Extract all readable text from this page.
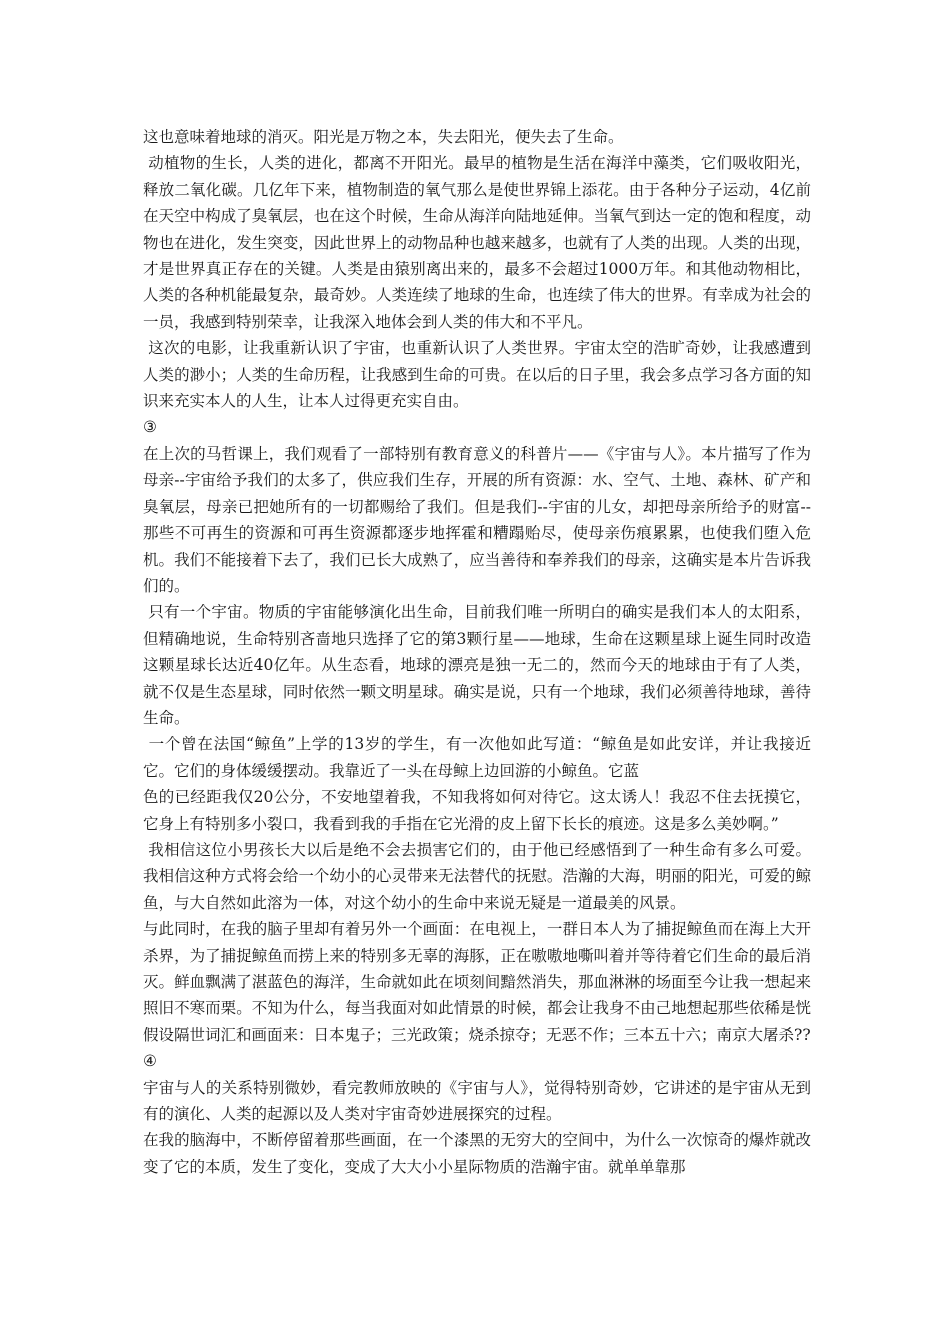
这也意味着地球的消灭。阳光是万物之本，失去阳光，便失去了生命。

动植物的生长，人类的进化，都离不开阳光。最早的植物是生活在海洋中藻类，它们吸收阳光，释放二氧化碳。几亿年下来，植物制造的氧气那么是使世界锦上添花。由于各种分子运动，4亿前在天空中构成了臭氧层，也在这个时候，生命从海洋向陆地延伸。当氧气到达一定的饱和程度，动物也在进化，发生突变，因此世界上的动物品种也越来越多，也就有了人类的出现。人类的出现，才是世界真正存在的关键。人类是由猿别离出来的，最多不会超过1000万年。和其他动物相比，人类的各种机能最复杂，最奇妙。人类连续了地球的生命，也连续了伟大的世界。有幸成为社会的一员，我感到特别荣幸，让我深入地体会到人类的伟大和不平凡。

这次的电影，让我重新认识了宇宙，也重新认识了人类世界。宇宙太空的浩旷奇妙，让我感遭到人类的渺小；人类的生命历程，让我感到生命的可贵。在以后的日子里，我会多点学习各方面的知识来充实本人的人生，让本人过得更充实自由。

③

在上次的马哲课上，我们观看了一部特别有教育意义的科普片——《宇宙与人》。本片描写了作为母亲--宇宙给予我们的太多了，供应我们生存，开展的所有资源：水、空气、土地、森林、矿产和臭氧层，母亲已把她所有的一切都赐给了我们。但是我们--宇宙的儿女，却把母亲所给予的财富--那些不可再生的资源和可再生资源都逐步地挥霍和糟蹋贻尽，使母亲伤痕累累，也使我们堕入危机。我们不能接着下去了，我们已长大成熟了，应当善待和奉养我们的母亲，这确实是本片告诉我们的。

只有一个宇宙。物质的宇宙能够演化出生命，目前我们唯一所明白的确实是我们本人的太阳系，但精确地说，生命特别吝啬地只选择了它的第3颗行星——地球，生命在这颗星球上诞生同时改造这颗星球长达近40亿年。从生态看，地球的漂亮是独一无二的，然而今天的地球由于有了人类，就不仅是生态星球，同时依然一颗文明星球。确实是说，只有一个地球，我们必须善待地球，善待生命。

一个曾在法国“鲸鱼”上学的13岁的学生，有一次他如此写道：“鲸鱼是如此安详，并让我接近它。它们的身体缓缓摆动。我靠近了一头在母鲸上边回游的小鲸鱼。它蓝
色的已经距我仅20公分，不安地望着我，不知我将如何对待它。这太诱人！我忍不住去抚摸它，它身上有特别多小裂口，我看到我的手指在它光滑的皮上留下长长的痕迹。这是多么美妙啊。”

我相信这位小男孩长大以后是绝不会去损害它们的，由于他已经感悟到了一种生命有多么可爱。我相信这种方式将会给一个幼小的心灵带来无法替代的抚慰。浩瀚的大海，明丽的阳光，可爱的鲸鱼，与大自然如此溶为一体，对这个幼小的生命中来说无疑是一道最美的风景。

与此同时，在我的脑子里却有着另外一个画面：在电视上，一群日本人为了捕捉鲸鱼而在海上大开杀界，为了捕捉鲸鱼而捞上来的特别多无辜的海豚，正在嗷嗷地嘶叫着并等待着它们生命的最后消灭。鲜血飘满了湛蓝色的海洋，生命就如此在顷刻间黯然消失，那血淋淋的场面至今让我一想起来照旧不寒而栗。不知为什么，每当我面对如此情景的时候，都会让我身不由己地想起那些依稀是恍假设隔世词汇和画面来：日本鬼子；三光政策；烧杀掠夺；无恶不作；三本五十六；南京大屠杀??

④

宇宙与人的关系特别微妙，看完教师放映的《宇宙与人》，觉得特别奇妙，它讲述的是宇宙从无到有的演化、人类的起源以及人类对宇宙奇妙进展探究的过程。

在我的脑海中，不断停留着那些画面，在一个漆黑的无穷大的空间中，为什么一次惊奇的爆炸就改变了它的本质，发生了变化，变成了大大小小星际物质的浩瀚宇宙。就单单靠那
